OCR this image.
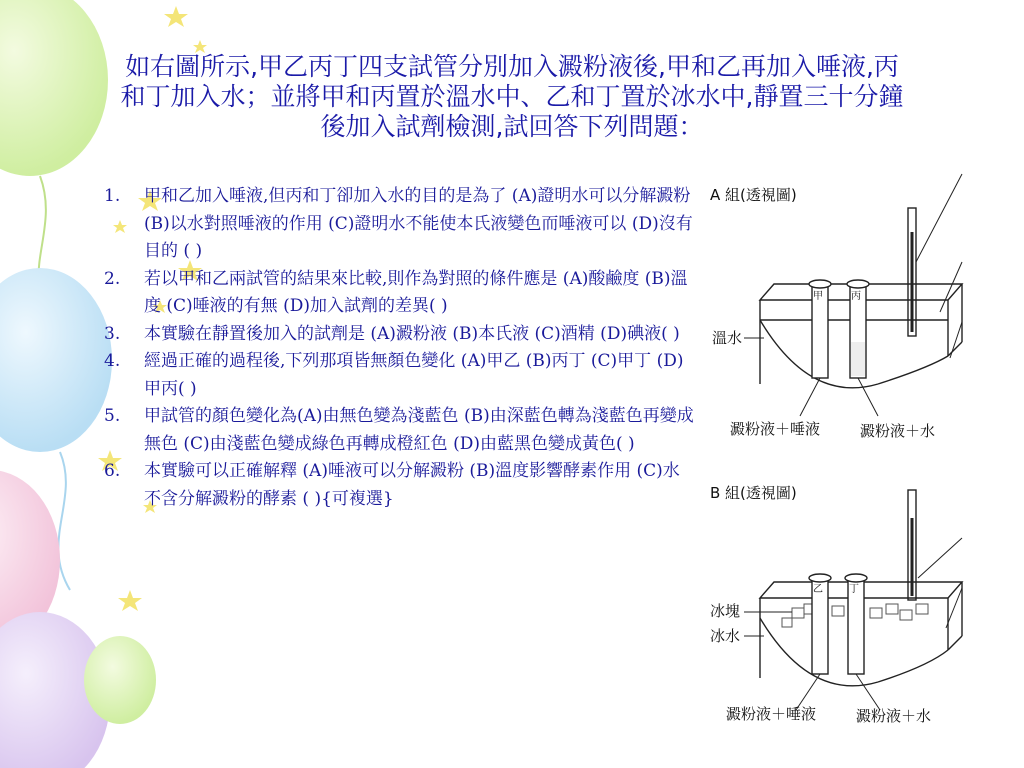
如右圖所示,甲乙丙丁四支試管分別加入澱粉液後,甲和乙再加入唾液,丙
和丁加入水；並將甲和丙置於溫水中、乙和丁置於冰水中,靜置三十分鐘
後加入試劑檢測,試回答下列問題：
1. 甲和乙加入唾液,但丙和丁卻加入水的目的是為了 (A)證明水可以分解澱粉 (B)以水對照唾液的作用 (C)證明水不能使本氏液變色而唾液可以 (D)沒有目的 ( )
2. 若以甲和乙兩試管的結果來比較,則作為對照的條件應是 (A)酸鹼度 (B)溫度 (C)唾液的有無 (D)加入試劑的差異( )
3. 本實驗在靜置後加入的試劑是 (A)澱粉液 (B)本氏液 (C)酒精 (D)碘液( )
4. 經過正確的過程後,下列那項皆無顏色變化 (A)甲乙 (B)丙丁 (C)甲丁 (D)甲丙( )
5. 甲試管的顏色變化為(A)由無色變為淺藍色 (B)由深藍色轉為淺藍色再變成無色 (C)由淺藍色變成綠色再轉成橙紅色 (D)由藍黑色變成黃色( )
6. 本實驗可以正確解釋 (A)唾液可以分解澱粉 (B)溫度影響酵素作用 (C)水不含分解澱粉的酵素 ( ){可複選}
A 組(透視圖)
甲	丙
溫水
澱粉液＋唾液	澱粉液＋水
B 組(透視圖)
乙	丁
冰塊
冰水
澱粉液＋唾液	澱粉液＋水
